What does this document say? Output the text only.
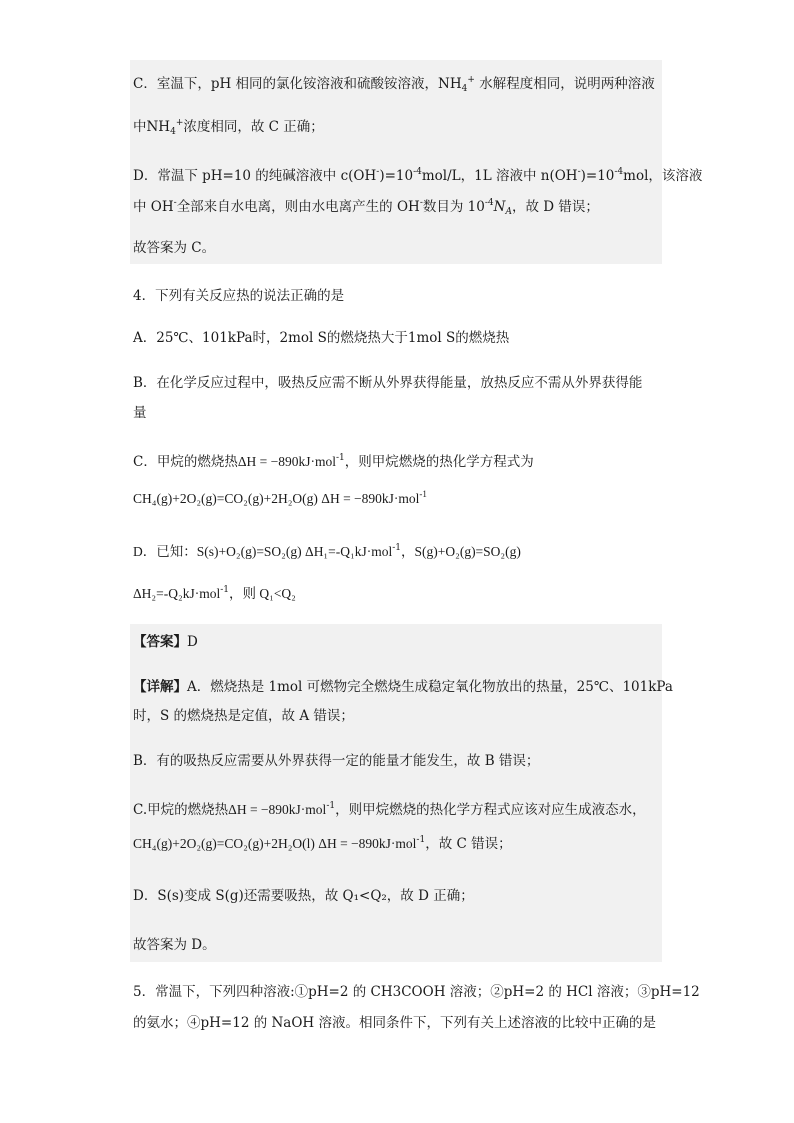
C．室温下，pH 相同的氯化铵溶液和硫酸铵溶液，$NH_4^+$ 水解程度相同，说明两种溶液
中$NH_4^+$浓度相同，故 C 正确；
D．常温下 pH=10 的纯碱溶液中 $c(OH^-)=10^{-4}mol/L$，1L 溶液中 $n(OH^-)=10^{-4}mol$，该溶液
中 OH-全部来自水电离，则由水电离产生的 OH-数目为 $10^{-4}N_A$，故 D 错误；
故答案为 C。
4．下列有关反应热的说法正确的是
A．25℃、101kPa时，2mol S的燃烧热大于1mol S的燃烧热
B．在化学反应过程中，吸热反应需不断从外界获得能量，放热反应不需从外界获得能
量
C．甲烷的燃烧热ΔH = −890kJ·mol$^{-1}$，则甲烷燃烧的热化学方程式为
CH₄(g)+2O₂(g)=CO₂(g)+2H₂O(g) ΔH = −890kJ·mol$^{-1}$
D．已知：S(s)+O₂(g)=SO₂(g) ΔH₁=-Q₁kJ·mol$^{-1}$，S(g)+O₂(g)=SO₂(g)
ΔH₂=-Q₂kJ·mol$^{-1}$，则 Q₁<Q₂
【答案】D
【详解】A．燃烧热是 1mol 可燃物完全燃烧生成稳定氧化物放出的热量，25℃、101kPa
时，S 的燃烧热是定值，故 A 错误；
B．有的吸热反应需要从外界获得一定的能量才能发生，故 B 错误；
C.甲烷的燃烧热ΔH = −890kJ·mol$^{-1}$，则甲烷燃烧的热化学方程式应该对应生成液态水，
CH₄(g)+2O₂(g)=CO₂(g)+2H₂O(l) ΔH = −890kJ·mol$^{-1}$，故 C 错误；
D．S(s)变成 S(g)还需要吸热，故 Q₁<Q₂，故 D 正确；
故答案为 D。
5．常温下，下列四种溶液:①pH=2 的 CH3COOH 溶液；②pH=2 的 HCl 溶液；③pH=12
的氨水；④pH=12 的 NaOH 溶液。相同条件下，下列有关上述溶液的比较中正确的是
